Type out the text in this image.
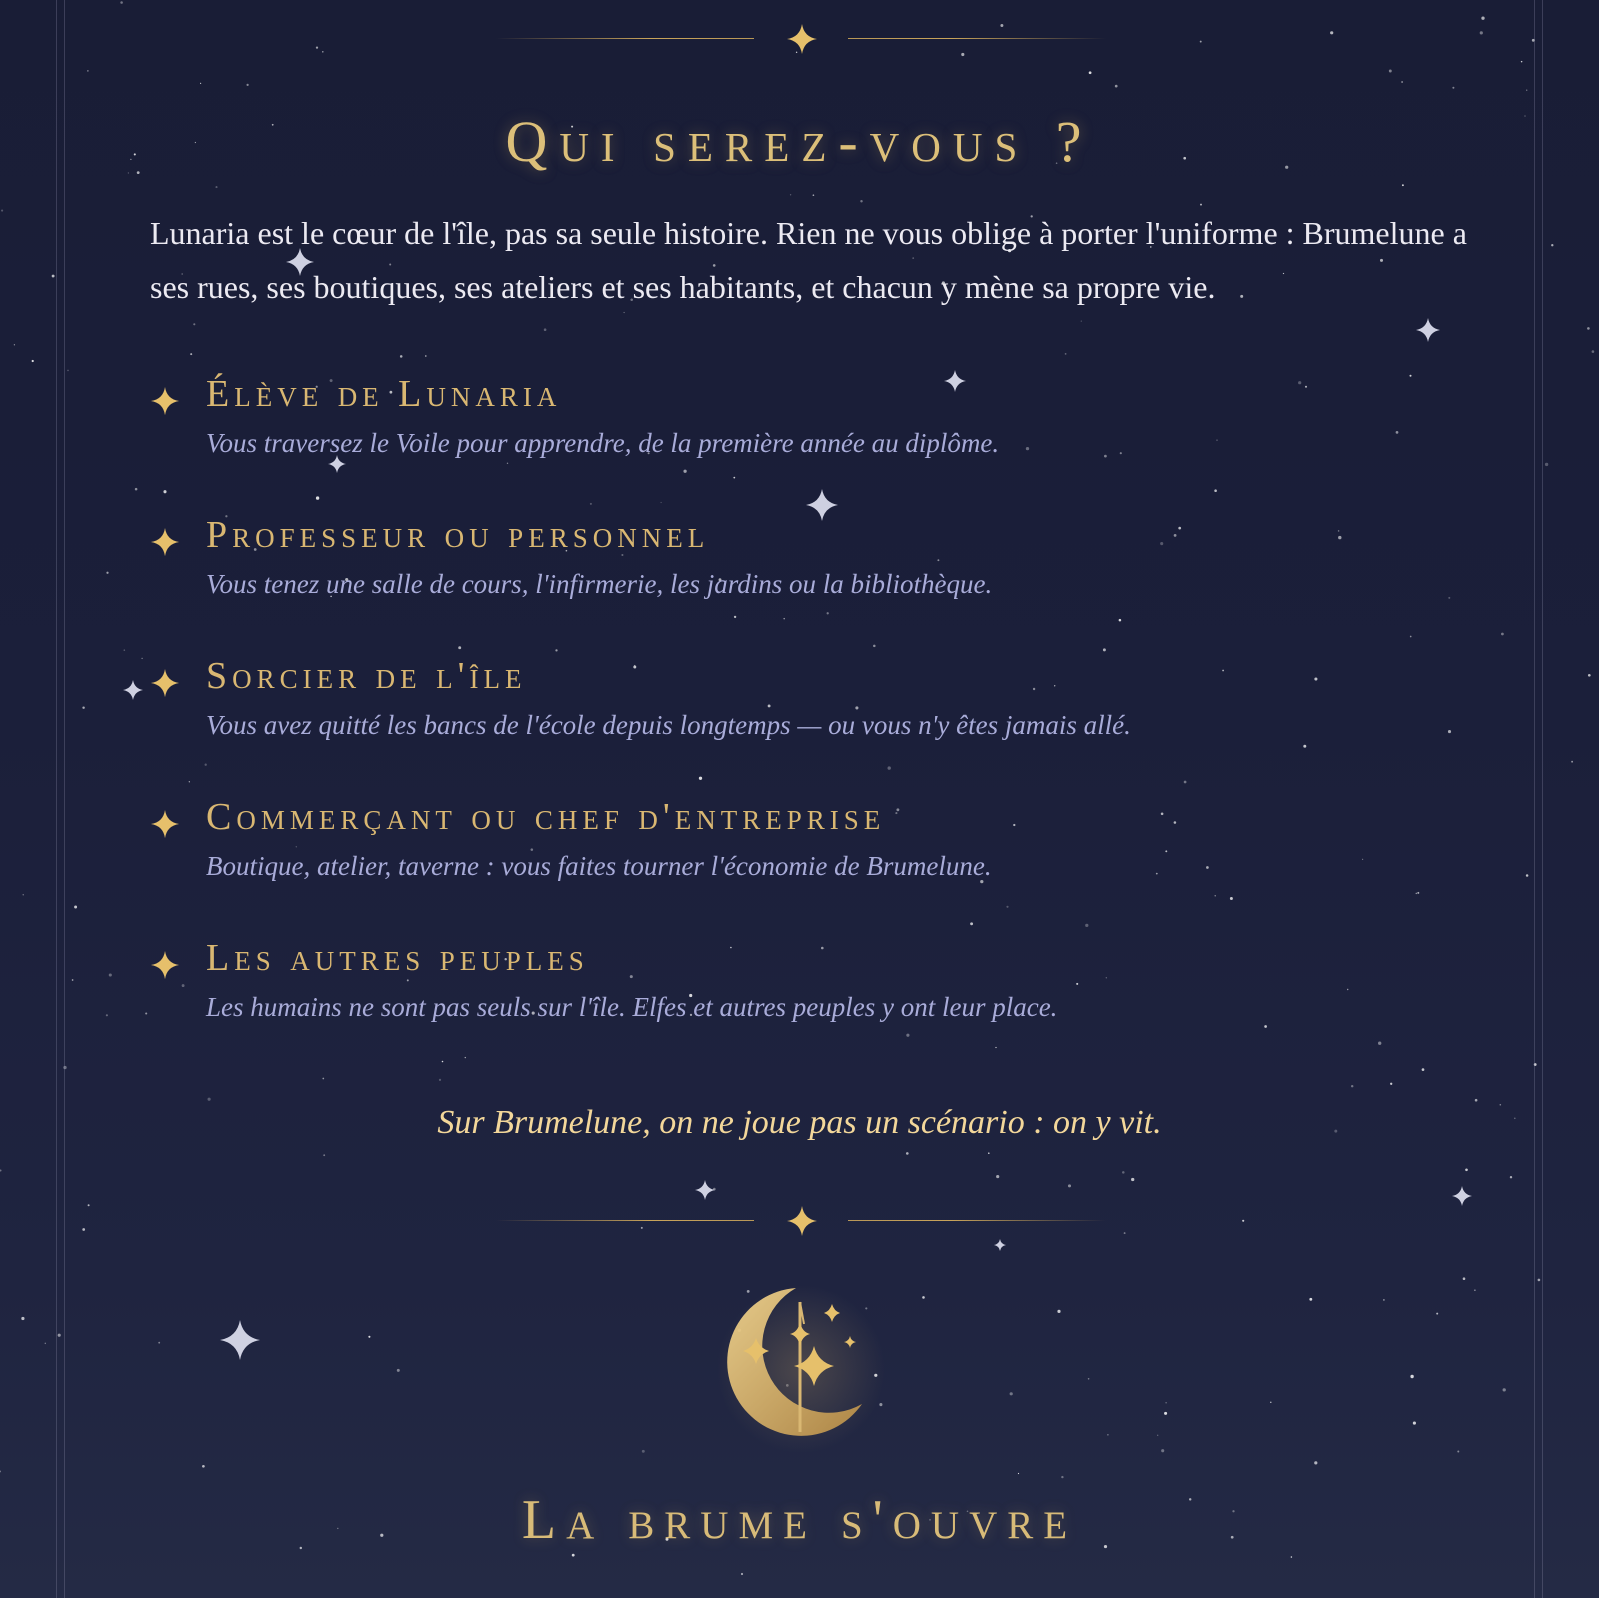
Qui serez-vous ?

Lunaria est le cœur de l'île, pas sa seule histoire. Rien ne vous oblige à porter l'uniforme : Brumelune a ses rues, ses boutiques, ses ateliers et ses habitants, et chacun y mène sa propre vie.

Élève de Lunaria
Vous traversez le Voile pour apprendre, de la première année au diplôme.
Professeur ou personnel
Vous tenez une salle de cours, l'infirmerie, les jardins ou la bibliothèque.
Sorcier de l'île
Vous avez quitté les bancs de l'école depuis longtemps — ou vous n'y êtes jamais allé.
Commerçant ou chef d'entreprise
Boutique, atelier, taverne : vous faites tourner l'économie de Brumelune.
Les autres peuples
Les humains ne sont pas seuls sur l'île. Elfes et autres peuples y ont leur place.

Sur Brumelune, on ne joue pas un scénario : on y vit.

La brume s'ouvre
